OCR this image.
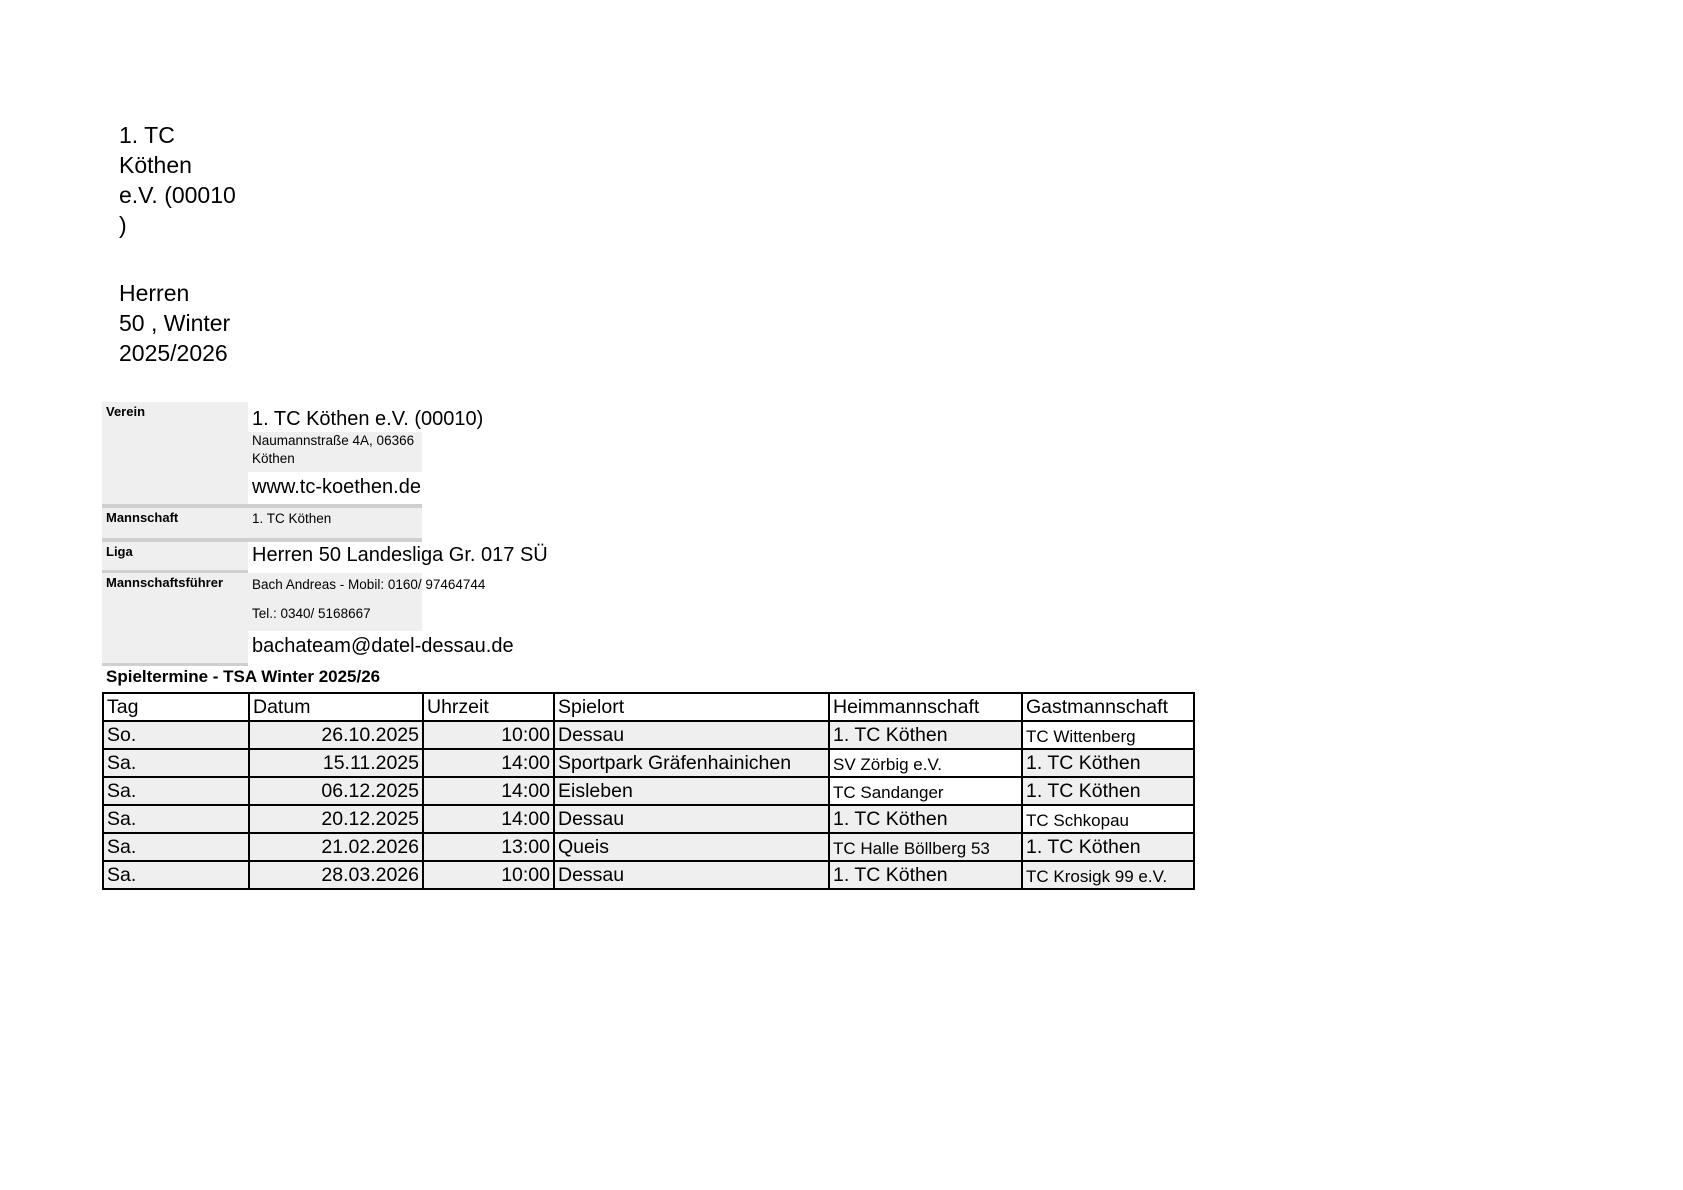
1. TC
Köthen
e.V. (00010
)
Herren
50 , Winter
2025/2026
Verein	1. TC Köthen e.V. (00010)
Naumannstraße 4A, 06366
Köthen
www.tc-koethen.de
Mannschaft	1. TC Köthen
Liga	Herren 50 Landesliga Gr. 017 SÜ
Mannschaftsführer	Bach Andreas - Mobil: 0160/ 97464744
Tel.: 0340/ 5168667
bachateam@datel-dessau.de
Spieltermine - TSA Winter 2025/26
Tag	Datum	Uhrzeit	Spielort	Heimmannschaft	Gastmannschaft
So.	26.10.2025	10:00	Dessau	1. TC Köthen	TC Wittenberg
Sa.	15.11.2025	14:00	Sportpark Gräfenhainichen	SV Zörbig e.V.	1. TC Köthen
Sa.	06.12.2025	14:00	Eisleben	TC Sandanger	1. TC Köthen
Sa.	20.12.2025	14:00	Dessau	1. TC Köthen	TC Schkopau
Sa.	21.02.2026	13:00	Queis	TC Halle Böllberg 53	1. TC Köthen
Sa.	28.03.2026	10:00	Dessau	1. TC Köthen	TC Krosigk 99 e.V.
